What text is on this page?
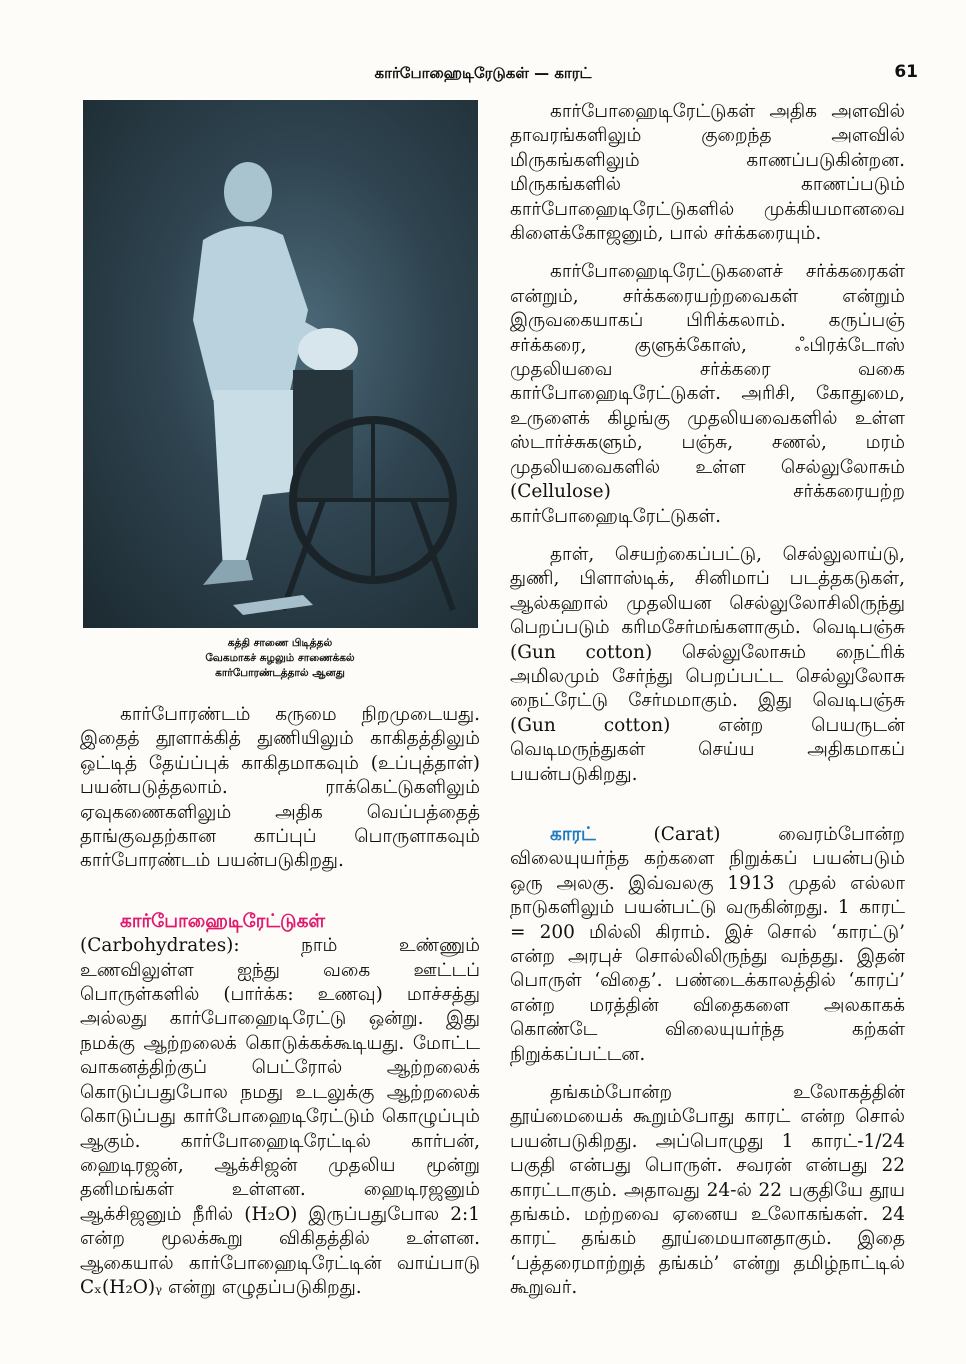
கார்போஹைடிரேடுகள் — காரட்	61
கத்தி சாணை பிடித்தல்
வேகமாகச் சுழலும் சாணைக்கல்
கார்போரண்டத்தால் ஆனது

கார்போரண்டம் கருமை நிறமுடையது. இதைத் தூளாக்கித் துணியிலும் காகிதத்திலும் ஒட்டித் தேய்ப்புக் காகிதமாகவும் (உப்புத்தாள்) பயன்படுத்தலாம். ராக்கெட்டுகளிலும் ஏவுகணைகளிலும் அதிக வெப்பத்தைத் தாங்குவதற்கான காப்புப் பொருளாகவும் கார்போரண்டம் பயன்படுகிறது.

கார்போஹைடிரேட்டுகள் (Carbohydrates): நாம் உண்ணும் உணவிலுள்ள ஐந்து வகை ஊட்டப் பொருள்களில் (பார்க்க: உணவு) மாச்சத்து அல்லது கார்போஹைடிரேட்டு ஒன்று. இது நமக்கு ஆற்றலைக் கொடுக்கக்கூடியது. மோட்ட வாகனத்திற்குப் பெட்ரோல் ஆற்றலைக் கொடுப்பதுபோல நமது உடலுக்கு ஆற்றலைக் கொடுப்பது கார்போஹைடிரேட்டும் கொழுப்பும் ஆகும். கார்போஹைடிரேட்டில் கார்பன், ஹைடிரஜன், ஆக்சிஜன் முதலிய மூன்று தனிமங்கள் உள்ளன. ஹைடிரஜனும் ஆக்சிஜனும் நீரில் (H₂O) இருப்பதுபோல 2:1 என்ற மூலக்கூறு விகிதத்தில் உள்ளன. ஆகையால் கார்போஹைடிரேட்டின் வாய்பாடு Cₓ(H₂O)ᵧ என்று எழுதப்படுகிறது.

கார்போஹைடிரேட்டுகள் அதிக அளவில் தாவரங்களிலும் குறைந்த அளவில் மிருகங்களிலும் காணப்படுகின்றன. மிருகங்களில் காணப்படும் கார்போஹைடிரேட்டுகளில் முக்கியமானவை கிளைக்கோஜனும், பால் சர்க்கரையும்.

கார்போஹைடிரேட்டுகளைச் சர்க்கரைகள் என்றும், சர்க்கரையற்றவைகள் என்றும் இருவகையாகப் பிரிக்கலாம். கருப்பஞ் சர்க்கரை, குளுக்கோஸ், ஃபிரக்டோஸ் முதலியவை சர்க்கரை வகை கார்போஹைடிரேட்டுகள். அரிசி, கோதுமை, உருளைக் கிழங்கு முதலியவைகளில் உள்ள ஸ்டார்ச்சுகளும், பஞ்சு, சணல், மரம் முதலியவைகளில் உள்ள செல்லுலோசும் (Cellulose) சர்க்கரையற்ற கார்போஹைடிரேட்டுகள்.

தாள், செயற்கைப்பட்டு, செல்லுலாய்டு, துணி, பிளாஸ்டிக், சினிமாப் படத்தகடுகள், ஆல்கஹால் முதலியன செல்லுலோசிலிருந்து பெறப்படும் கரிமசேர்மங்களாகும். வெடிபஞ்சு (Gun cotton) செல்லுலோசும் நைட்ரிக் அமிலமும் சேர்ந்து பெறப்பட்ட செல்லுலோசு நைட்ரேட்டு சேர்மமாகும். இது வெடிபஞ்சு (Gun cotton) என்ற பெயருடன் வெடிமருந்துகள் செய்ய அதிகமாகப் பயன்படுகிறது.

காரட் (Carat) வைரம்போன்ற விலையுயர்ந்த கற்களை நிறுக்கப் பயன்படும் ஒரு அலகு. இவ்வலகு 1913 முதல் எல்லா நாடுகளிலும் பயன்பட்டு வருகின்றது. 1 காரட் = 200 மில்லி கிராம். இச் சொல் ‘காரட்டு’ என்ற அரபுச் சொல்லிலிருந்து வந்தது. இதன் பொருள் ‘விதை’. பண்டைக்காலத்தில் ‘காரப்’ என்ற மரத்தின் விதைகளை அலகாகக் கொண்டே விலையுயர்ந்த கற்கள் நிறுக்கப்பட்டன.

தங்கம்போன்ற உலோகத்தின் தூய்மையைக் கூறும்போது காரட் என்ற சொல் பயன்படுகிறது. அப்பொழுது 1 காரட்-1/24 பகுதி என்பது பொருள். சவரன் என்பது 22 காரட்டாகும். அதாவது 24-ல் 22 பகுதியே தூய தங்கம். மற்றவை ஏனைய உலோகங்கள். 24 காரட் தங்கம் தூய்மையானதாகும். இதை ‘பத்தரைமாற்றுத் தங்கம்’ என்று தமிழ்நாட்டில் கூறுவர்.
